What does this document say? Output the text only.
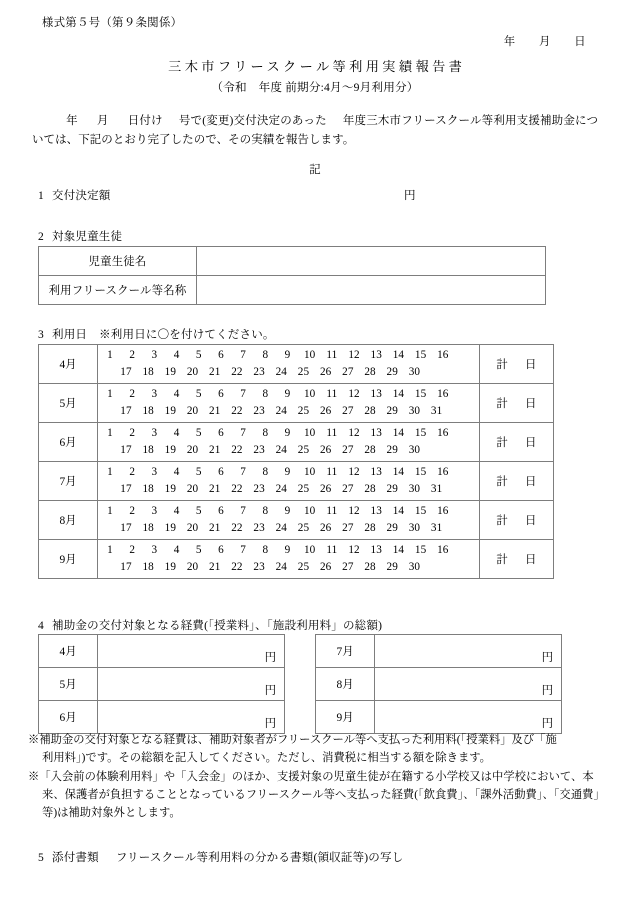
様式第５号（第９条関係）
年 月 日
三木市フリースクール等利用実績報告書
（令和　年度 前期分:4月～9月利用分）
年 月 日付け 号で(変更)交付決定のあった 年度三木市フリースクール等利用支援補助金については、下記のとおり完了したので、その実績を報告します。
記
1 交付決定額	円
2 対象児童生徒
児童生徒名	
利用フリースクール等名称	
3 利用日 ※利用日に〇を付けてください。
4月	
1	2	3	4	5	6	7	8	9	10 11 12 13 14 15 16
17 18 19 20 21 22 23 24 25 26 27 28 29 30
	計 日
5月	
1	2	3	4	5	6	7	8	9	10 11 12 13 14 15 16
17 18 19 20 21 22 23 24 25 26 27 28 29 30 31
	計 日
6月	
1	2	3	4	5	6	7	8	9	10 11 12 13 14 15 16
17 18 19 20 21 22 23 24 25 26 27 28 29 30
	計 日
7月	
1	2	3	4	5	6	7	8	9	10 11 12 13 14 15 16
17 18 19 20 21 22 23 24 25 26 27 28 29 30 31
	計 日
8月	
1	2	3	4	5	6	7	8	9	10 11 12 13 14 15 16
17 18 19 20 21 22 23 24 25 26 27 28 29 30 31
	計 日
9月	
1	2	3	4	5	6	7	8	9	10 11 12 13 14 15 16
17 18 19 20 21 22 23 24 25 26 27 28 29 30
	計 日
4 補助金の交付対象となる経費(「授業料」、「施設利用料」の総額)
4月	円
5月	円
6月	円
7月	円
8月	円
9月	円
※補助金の交付対象となる経費は、補助対象者がフリースクール等へ支払った利用料(「授業料」及び「施
利用料」)です。その総額を記入してください。ただし、消費税に相当する額を除きます。
※「入会前の体験利用料」や「入会金」のほか、支援対象の児童生徒が在籍する小学校又は中学校において、本
来、保護者が負担することとなっているフリースクール等へ支払った経費(「飲食費」、「課外活動費」、「交通費」
等)は補助対象外とします。
5 添付書類 フリースクール等利用料の分かる書類(領収証等)の写し
